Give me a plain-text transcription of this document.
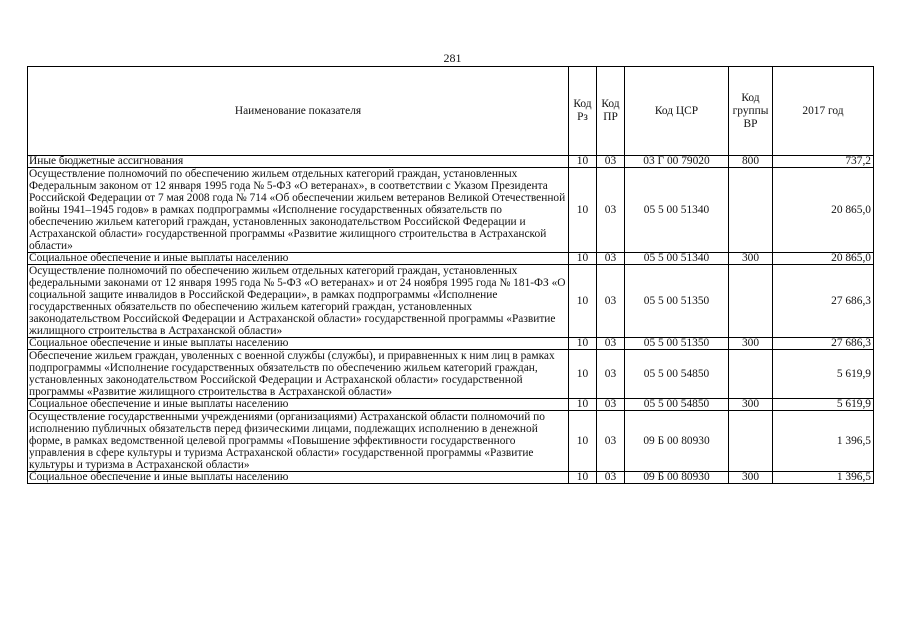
281
Наименование показателя	Код Рз	Код ПР	Код ЦСР	Код группы ВР	2017 год
Иные бюджетные ассигнования	10	03	03 Г 00 79020	800	737,2
Осуществление полномочий по обеспечению жильем отдельных категорий граждан, установленных Федеральным законом от 12 января 1995 года № 5-ФЗ «О ветеранах», в соответствии с Указом Президента Российской Федерации от 7 мая 2008 года № 714 «Об обеспечении жильем ветеранов Великой Отечественной войны 1941–1945 годов» в рамках подпрограммы «Исполнение государственных обязательств по обеспечению жильем категорий граждан, установленных законодательством Российской Федерации и Астраханской области» государственной программы «Развитие жилищного строительства в Астраханской области»	10	03	05 5 00 51340		20 865,0
Социальное обеспечение и иные выплаты населению	10	03	05 5 00 51340	300	20 865,0
Осуществление полномочий по обеспечению жильем отдельных категорий граждан, установленных федеральными законами от 12 января 1995 года № 5-ФЗ «О ветеранах» и от 24 ноября 1995 года № 181-ФЗ «О социальной защите инвалидов в Российской Федерации», в рамках подпрограммы «Исполнение государственных обязательств по обеспечению жильем категорий граждан, установленных законодательством Российской Федерации и Астраханской области» государственной программы «Развитие жилищного строительства в Астраханской области»	10	03	05 5 00 51350		27 686,3
Социальное обеспечение и иные выплаты населению	10	03	05 5 00 51350	300	27 686,3
Обеспечение жильем граждан, уволенных с военной службы (службы), и приравненных к ним лиц в рамках подпрограммы «Исполнение государственных обязательств по обеспечению жильем категорий граждан, установленных законодательством Российской Федерации и Астраханской области» государственной программы «Развитие жилищного строительства в Астраханской области»	10	03	05 5 00 54850		5 619,9
Социальное обеспечение и иные выплаты населению	10	03	05 5 00 54850	300	5 619,9
Осуществление государственными учреждениями (организациями) Астраханской области полномочий по исполнению публичных обязательств перед физическими лицами, подлежащих исполнению в денежной форме, в рамках ведомственной целевой программы «Повышение эффективности государственного управления в сфере культуры и туризма Астраханской области» государственной программы «Развитие культуры и туризма в Астраханской области»	10	03	09 Б 00 80930		1 396,5
Социальное обеспечение и иные выплаты населению	10	03	09 Б 00 80930	300	1 396,5
